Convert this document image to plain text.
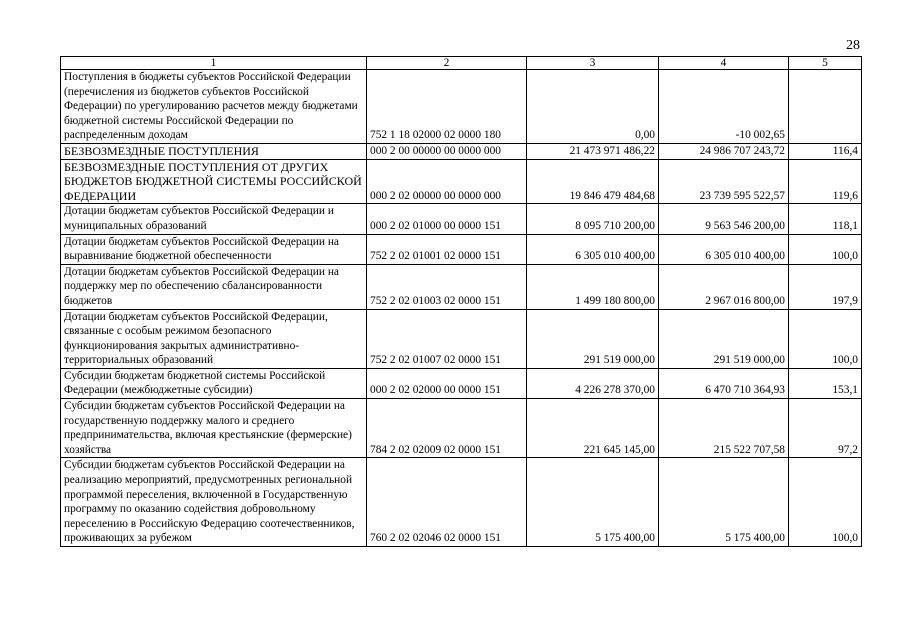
28
1	2	3	4	5
Поступления в бюджеты субъектов Российской Федерации (перечисления из бюджетов субъектов Российской Федерации) по урегулированию расчетов между бюджетами бюджетной системы Российской Федерации по распределенным доходам	752 1 18 02000 02 0000 180	0,00	-10 002,65	
БЕЗВОЗМЕЗДНЫЕ ПОСТУПЛЕНИЯ	000 2 00 00000 00 0000 000	21 473 971 486,22	24 986 707 243,72	116,4
БЕЗВОЗМЕЗДНЫЕ ПОСТУПЛЕНИЯ ОТ ДРУГИХ БЮДЖЕТОВ БЮДЖЕТНОЙ СИСТЕМЫ РОССИЙСКОЙ ФЕДЕРАЦИИ	000 2 02 00000 00 0000 000	19 846 479 484,68	23 739 595 522,57	119,6
Дотации бюджетам субъектов Российской Федерации и муниципальных образований	000 2 02 01000 00 0000 151	8 095 710 200,00	9 563 546 200,00	118,1
Дотации бюджетам субъектов Российской Федерации на выравнивание бюджетной обеспеченности	752 2 02 01001 02 0000 151	6 305 010 400,00	6 305 010 400,00	100,0
Дотации бюджетам субъектов Российской Федерации на поддержку мер по обеспечению сбалансированности бюджетов	752 2 02 01003 02 0000 151	1 499 180 800,00	2 967 016 800,00	197,9
Дотации бюджетам субъектов Российской Федерации, связанные с особым режимом безопасного функционирования закрытых административно-территориальных образований	752 2 02 01007 02 0000 151	291 519 000,00	291 519 000,00	100,0
Субсидии бюджетам бюджетной системы Российской Федерации (межбюджетные субсидии)	000 2 02 02000 00 0000 151	4 226 278 370,00	6 470 710 364,93	153,1
Субсидии бюджетам субъектов Российской Федерации на государственную поддержку малого и среднего предпринимательства, включая крестьянские (фермерские) хозяйства	784 2 02 02009 02 0000 151	221 645 145,00	215 522 707,58	97,2
Субсидии бюджетам субъектов Российской Федерации на реализацию мероприятий, предусмотренных региональной программой переселения, включенной в Государственную программу по оказанию содействия добровольному переселению в Российскую Федерацию соотечественников, проживающих за рубежом	760 2 02 02046 02 0000 151	5 175 400,00	5 175 400,00	100,0
